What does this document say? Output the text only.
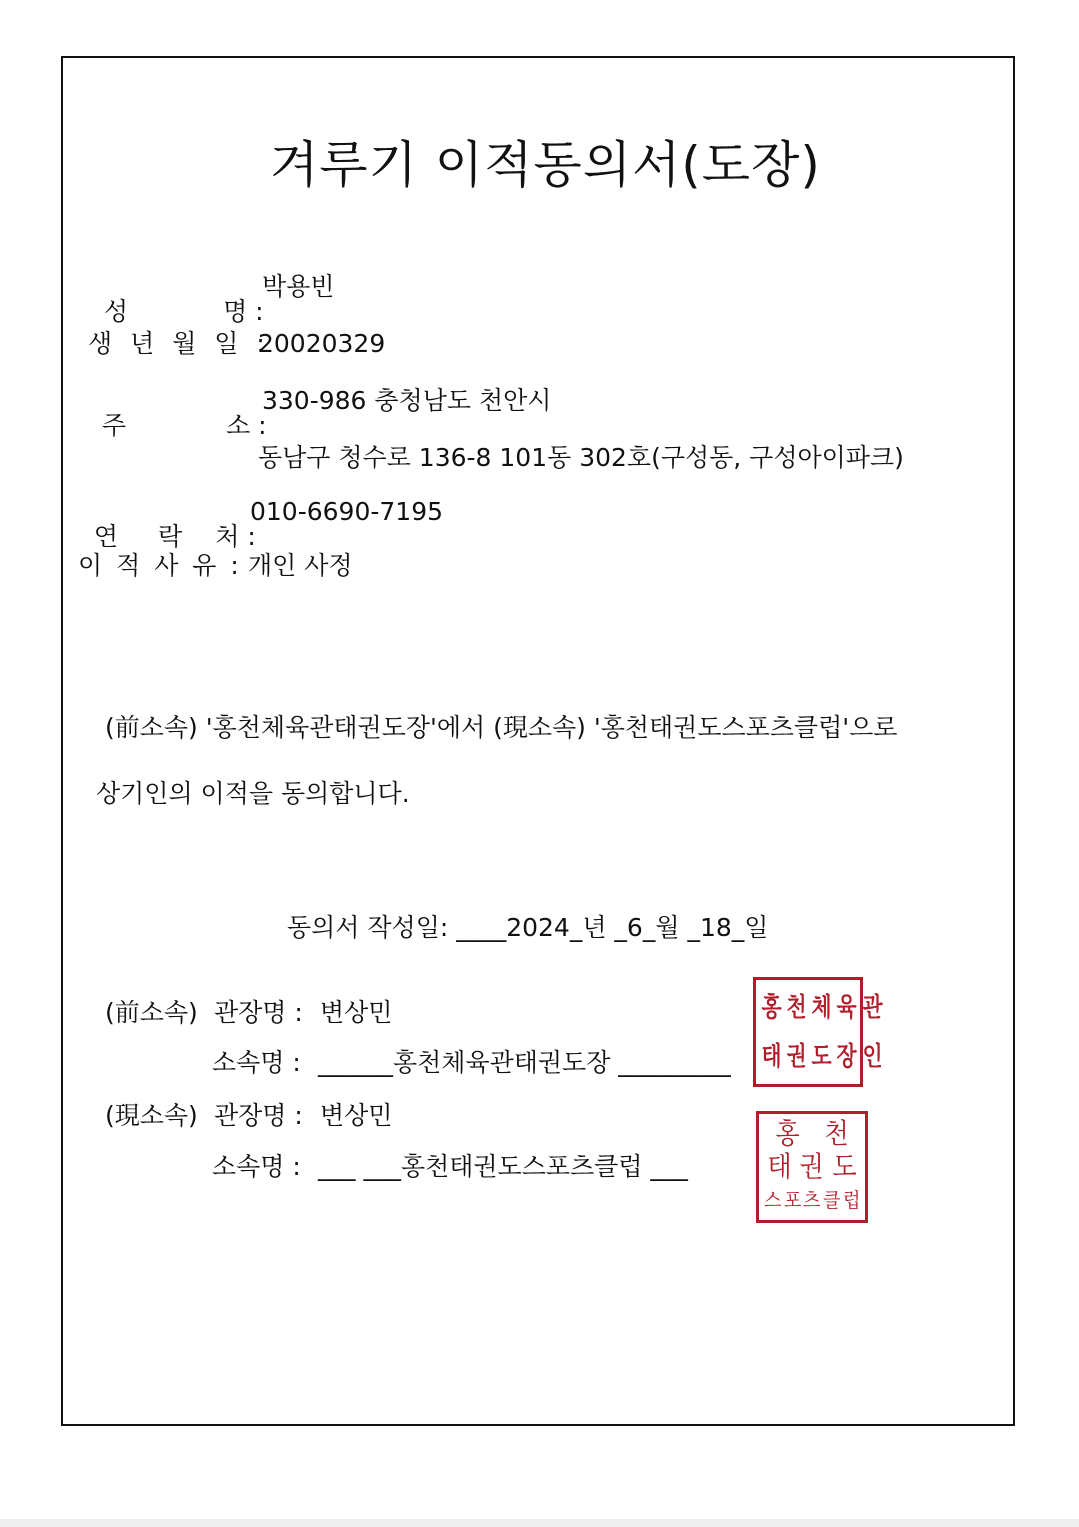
겨루기 이적동의서(도장)

성	명 :

박용빈
생 년 월 일 :
20020329

주	소 :

330-986 충청남도 천안시
동남구 청수로 136-8 101동 302호(구성동, 구성아이파크)

연 락 처 :

010-6690-7195
이 적 사 유 : 개인 사정
(前소속) '홍천체육관태권도장'에서 (現소속) '홍천태권도스포츠클럽'으로
상기인의 이적을 동의합니다.
동의서 작성일: ____2024_년 _6_월 _18_일
(前소속) 관장명 : 변상민
소속명 : ______홍천체육관태권도장 _________
(現소속) 관장명 : 변상민
소속명 : ___ ___홍천태권도스포츠클럽 ___
홍 천 체 육 관
태 권 도 장 인
홍 천
태 권 도
스 포 츠 클 럽
